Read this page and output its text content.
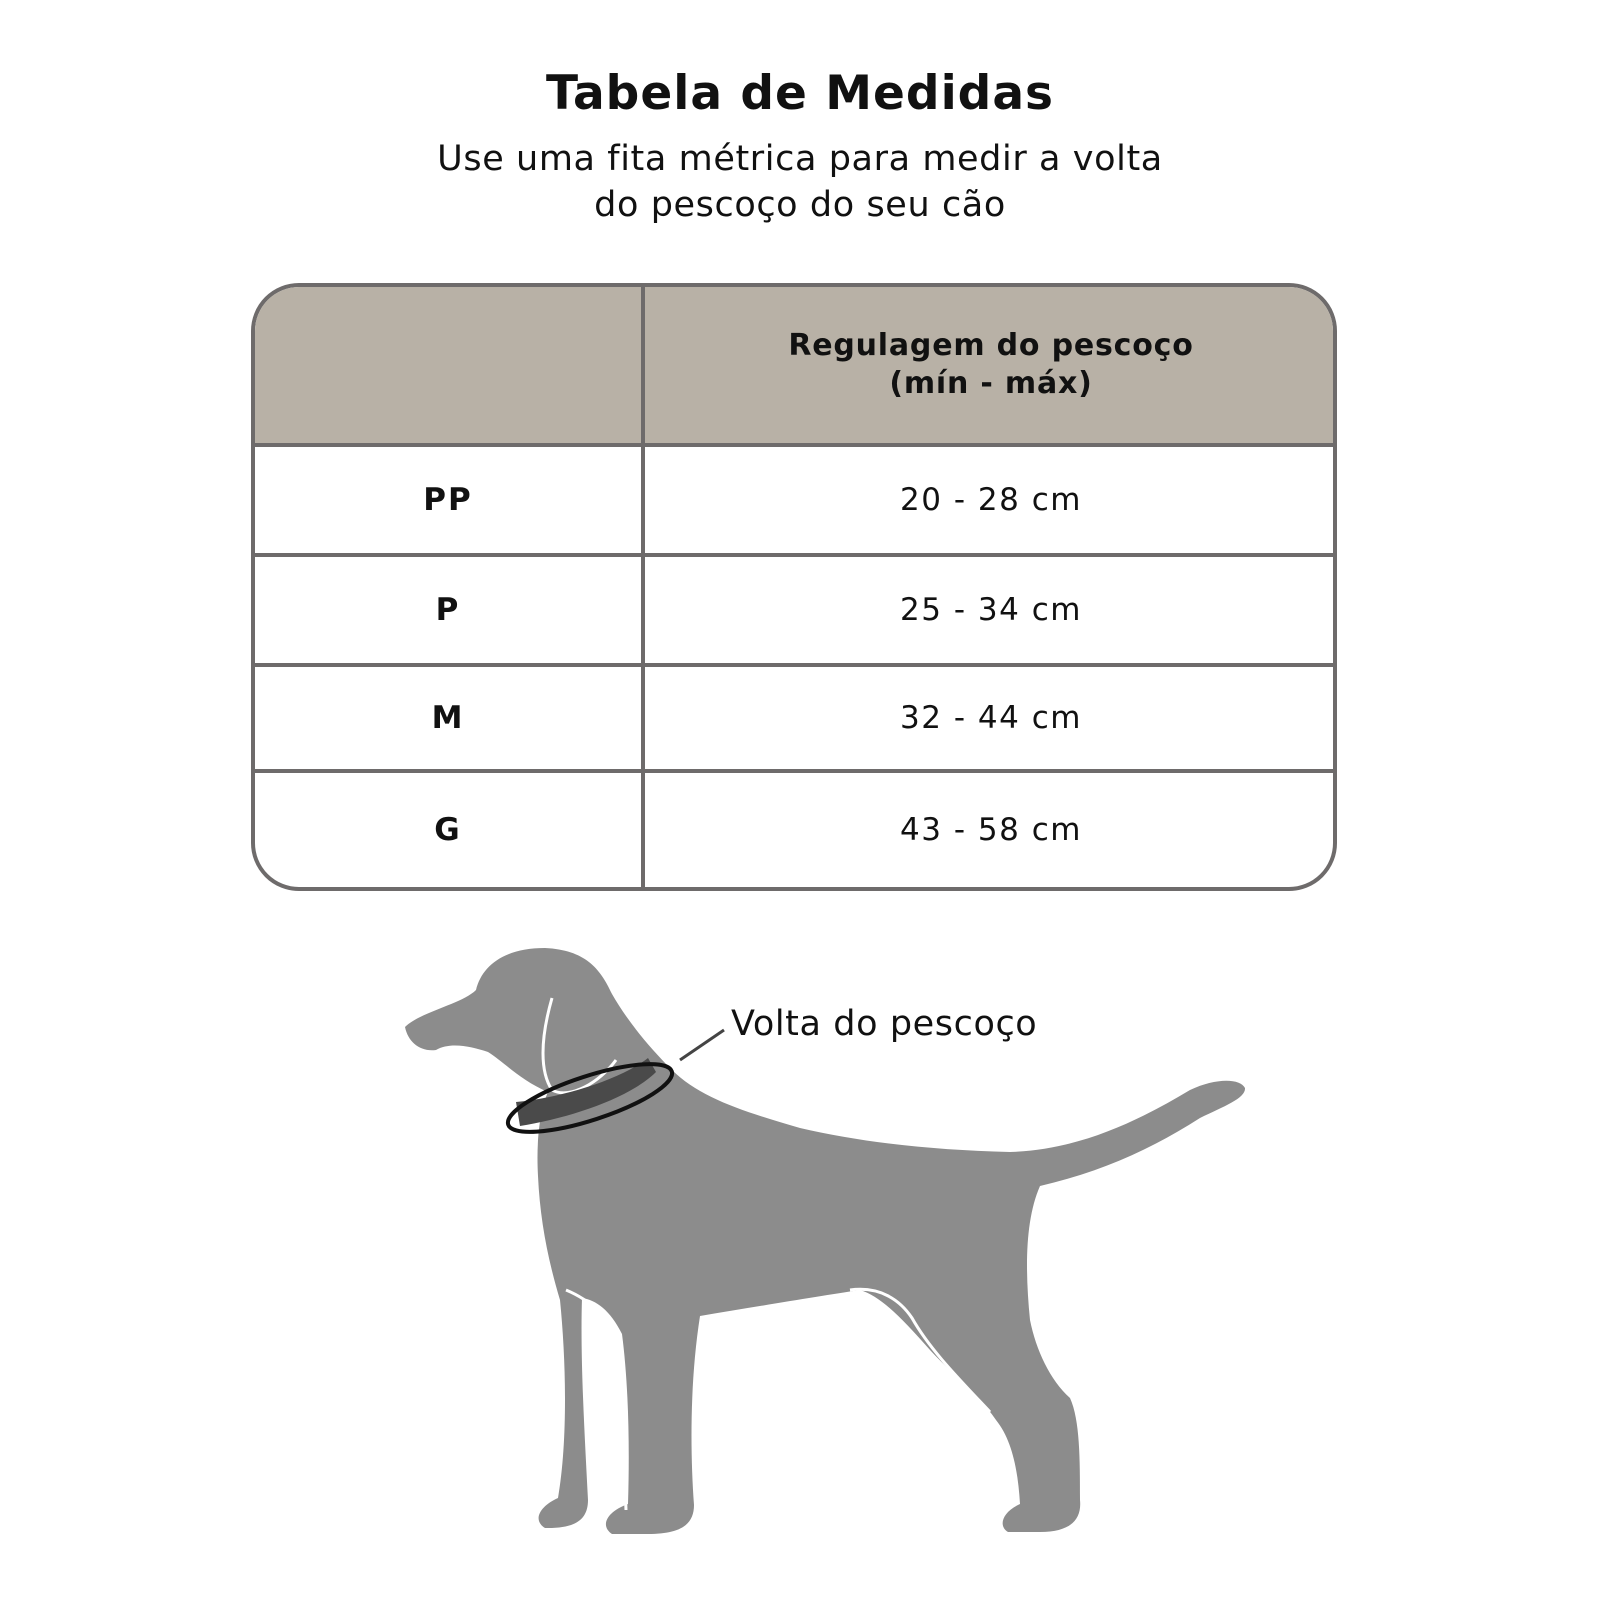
Tabela de Medidas
Use uma fita métrica para medir a volta
do pescoço do seu cão
Regulagem do pescoço
(mín - máx)
PP	20 - 28 cm
P	25 - 34 cm
M	32 - 44 cm
G	43 - 58 cm
Volta do pescoço
